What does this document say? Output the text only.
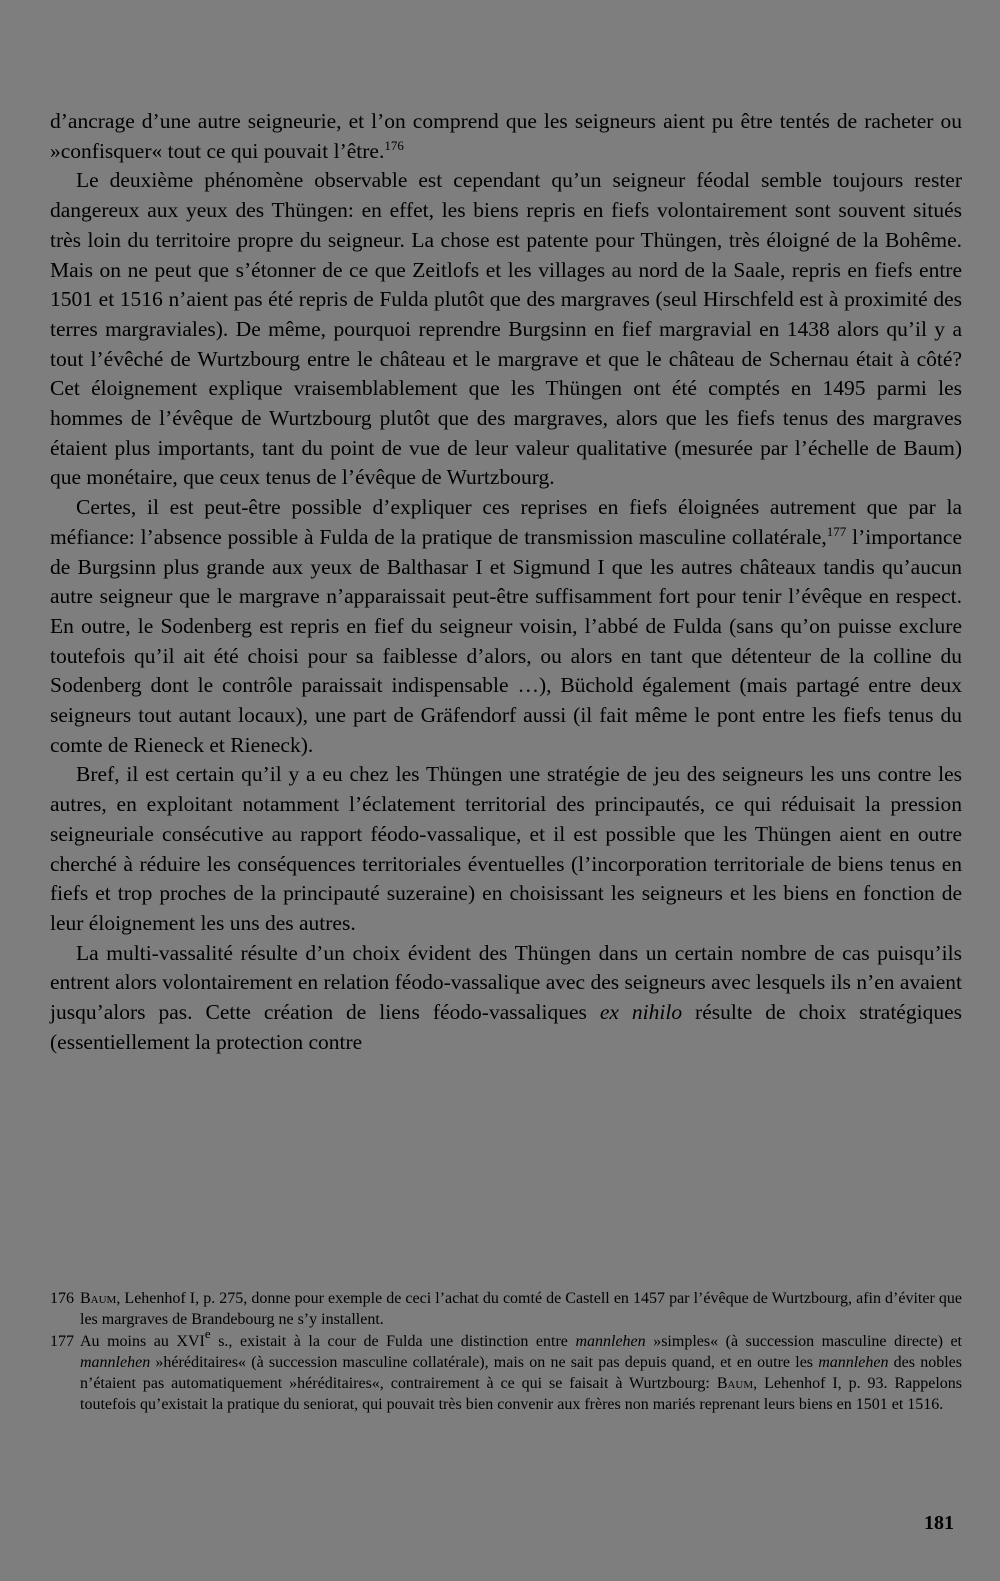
d’ancrage d’une autre seigneurie, et l’on comprend que les seigneurs aient pu être tentés de racheter ou »confisquer« tout ce qui pouvait l’être.$^{176}$

Le deuxième phénomène observable est cependant qu’un seigneur féodal semble toujours rester dangereux aux yeux des Thüngen: en effet, les biens repris en fiefs volontairement sont souvent situés très loin du territoire propre du seigneur. La chose est patente pour Thüngen, très éloigné de la Bohême. Mais on ne peut que s’étonner de ce que Zeitlofs et les villages au nord de la Saale, repris en fiefs entre 1501 et 1516 n’aient pas été repris de Fulda plutôt que des margraves (seul Hirschfeld est à proximité des terres margraviales). De même, pourquoi reprendre Burgsinn en fief margravial en 1438 alors qu’il y a tout l’évêché de Wurtzbourg entre le château et le margrave et que le château de Schernau était à côté? Cet éloignement explique vraisemblablement que les Thüngen ont été comptés en 1495 parmi les hommes de l’évêque de Wurtzbourg plutôt que des margraves, alors que les fiefs tenus des margraves étaient plus importants, tant du point de vue de leur valeur qualitative (mesurée par l’échelle de Baum) que monétaire, que ceux tenus de l’évêque de Wurtzbourg.

Certes, il est peut-être possible d’expliquer ces reprises en fiefs éloignées autrement que par la méfiance: l’absence possible à Fulda de la pratique de transmission masculine collatérale,$^{177}$ l’importance de Burgsinn plus grande aux yeux de Balthasar I et Sigmund I que les autres châteaux tandis qu’aucun autre seigneur que le margrave n’apparaissait peut-être suffisamment fort pour tenir l’évêque en respect. En outre, le Sodenberg est repris en fief du seigneur voisin, l’abbé de Fulda (sans qu’on puisse exclure toutefois qu’il ait été choisi pour sa faiblesse d’alors, ou alors en tant que détenteur de la colline du Sodenberg dont le contrôle paraissait indispensable …), Büchold également (mais partagé entre deux seigneurs tout autant locaux), une part de Gräfendorf aussi (il fait même le pont entre les fiefs tenus du comte de Rieneck et Rieneck).

Bref, il est certain qu’il y a eu chez les Thüngen une stratégie de jeu des seigneurs les uns contre les autres, en exploitant notamment l’éclatement territorial des principautés, ce qui réduisait la pression seigneuriale consécutive au rapport féodo-vassalique, et il est possible que les Thüngen aient en outre cherché à réduire les conséquences territoriales éventuelles (l’incorporation territoriale de biens tenus en fiefs et trop proches de la principauté suzeraine) en choisissant les seigneurs et les biens en fonction de leur éloignement les uns des autres.

La multi-vassalité résulte d’un choix évident des Thüngen dans un certain nombre de cas puisqu’ils entrent alors volontairement en relation féodo-vassalique avec des seigneurs avec lesquels ils n’en avaient jusqu’alors pas. Cette création de liens féodo-vassaliques ex nihilo résulte de choix stratégiques (essentiellement la protection contre

176 Baum, Lehenhof I, p. 275, donne pour exemple de ceci l’achat du comté de Castell en 1457 par l’évêque de Wurtzbourg, afin d’éviter que les margraves de Brandebourg ne s’y installent.
177 Au moins au XVIe s., existait à la cour de Fulda une distinction entre mannlehen »simples« (à succession masculine directe) et mannlehen »héréditaires« (à succession masculine collatérale), mais on ne sait pas depuis quand, et en outre les mannlehen des nobles n’étaient pas automatiquement »héréditaires«, contrairement à ce qui se faisait à Wurtzbourg: Baum, Lehenhof I, p. 93. Rappelons toutefois qu’existait la pratique du seniorat, qui pouvait très bien convenir aux frères non mariés reprenant leurs biens en 1501 et 1516.
181
